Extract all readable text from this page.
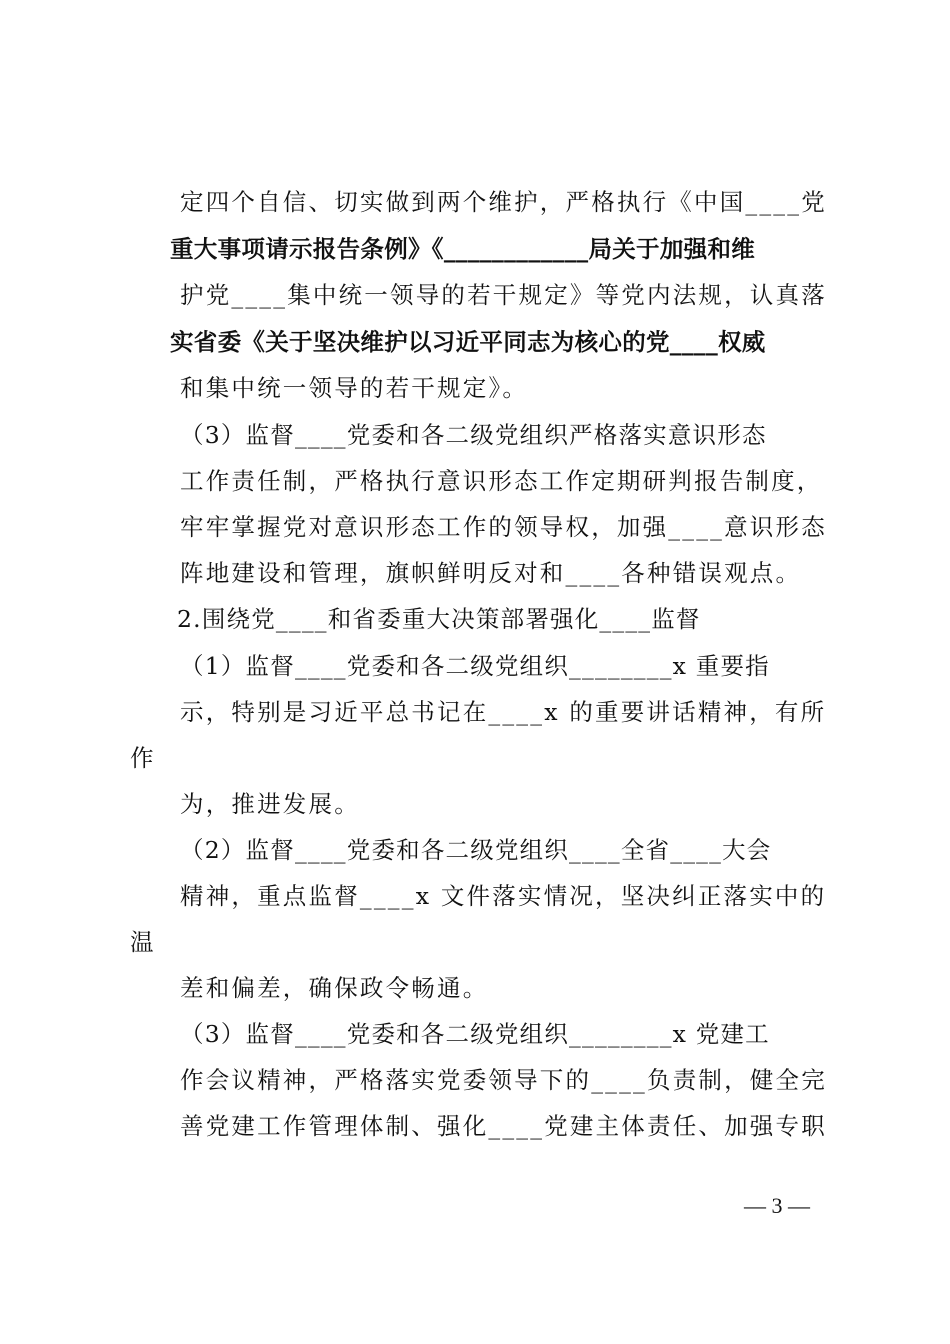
定四个自信、切实做到两个维护，严格执行《中国____党

重大事项请示报告条例》《____________局关于加强和维

护党____集中统一领导的若干规定》等党内法规，认真落

实省委《关于坚决维护以习近平同志为核心的党____权威

和集中统一领导的若干规定》。

（3）监督____党委和各二级党组织严格落实意识形态

工作责任制，严格执行意识形态工作定期研判报告制度，

牢牢掌握党对意识形态工作的领导权，加强____意识形态

阵地建设和管理，旗帜鲜明反对和____各种错误观点。

2.围绕党____和省委重大决策部署强化____监督

（1）监督____党委和各二级党组织________x 重要指

示，特别是习近平总书记在____x 的重要讲话精神，有所

作

为，推进发展。

（2）监督____党委和各二级党组织____全省____大会

精神，重点监督____x 文件落实情况，坚决纠正落实中的

温

差和偏差，确保政令畅通。

（3）监督____党委和各二级党组织________x 党建工

作会议精神，严格落实党委领导下的____负责制，健全完

善党建工作管理体制、强化____党建主体责任、加强专职

— 3 —
